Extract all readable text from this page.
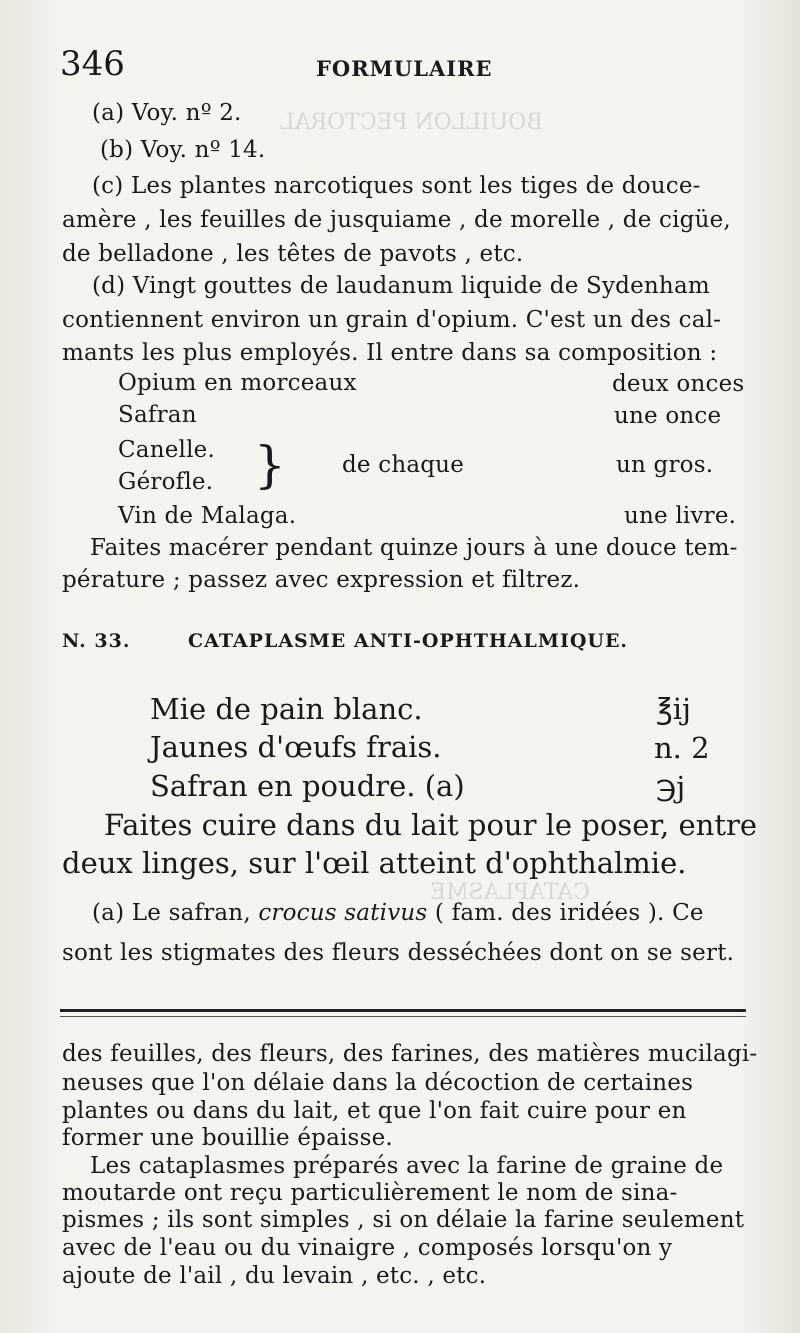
BOUILLON PECTORAL
CATAPLASME
346	FORMULAIRE
(a) Voy. nº 2.
(b) Voy. nº 14.
(c) Les plantes narcotiques sont les tiges de douce-
amère , les feuilles de jusquiame , de morelle , de cigüe,
de belladone , les têtes de pavots , etc.
(d) Vingt gouttes de laudanum liquide de Sydenham
contiennent environ un grain d'opium. C'est un des cal-
mants les plus employés. Il entre dans sa composition :
Opium en morceaux	deux onces
Safran	une once
Canelle.
Gérofle. } de chaque	un gros.
Vin de Malaga.	une livre.
Faites macérer pendant quinze jours à une douce tem-
pérature ; passez avec expression et filtrez.
N. 33.	CATAPLASME ANTI-OPHTHALMIQUE.
Mie de pain blanc.	℥ij
Jaunes d'œufs frais.	n. 2
Safran en poudre. (a)	℈j
Faites cuire dans du lait pour le poser, entre
deux linges, sur l'œil atteint d'ophthalmie.
(a) Le safran, crocus sativus ( fam. des iridées ). Ce
sont les stigmates des fleurs desséchées dont on se sert.
des feuilles, des fleurs, des farines, des matières mucilagi-
neuses que l'on délaie dans la décoction de certaines
plantes ou dans du lait, et que l'on fait cuire pour en
former une bouillie épaisse.
Les cataplasmes préparés avec la farine de graine de
moutarde ont reçu particulièrement le nom de sina-
pismes ; ils sont simples , si on délaie la farine seulement
avec de l'eau ou du vinaigre , composés lorsqu'on y
ajoute de l'ail , du levain , etc. , etc.
